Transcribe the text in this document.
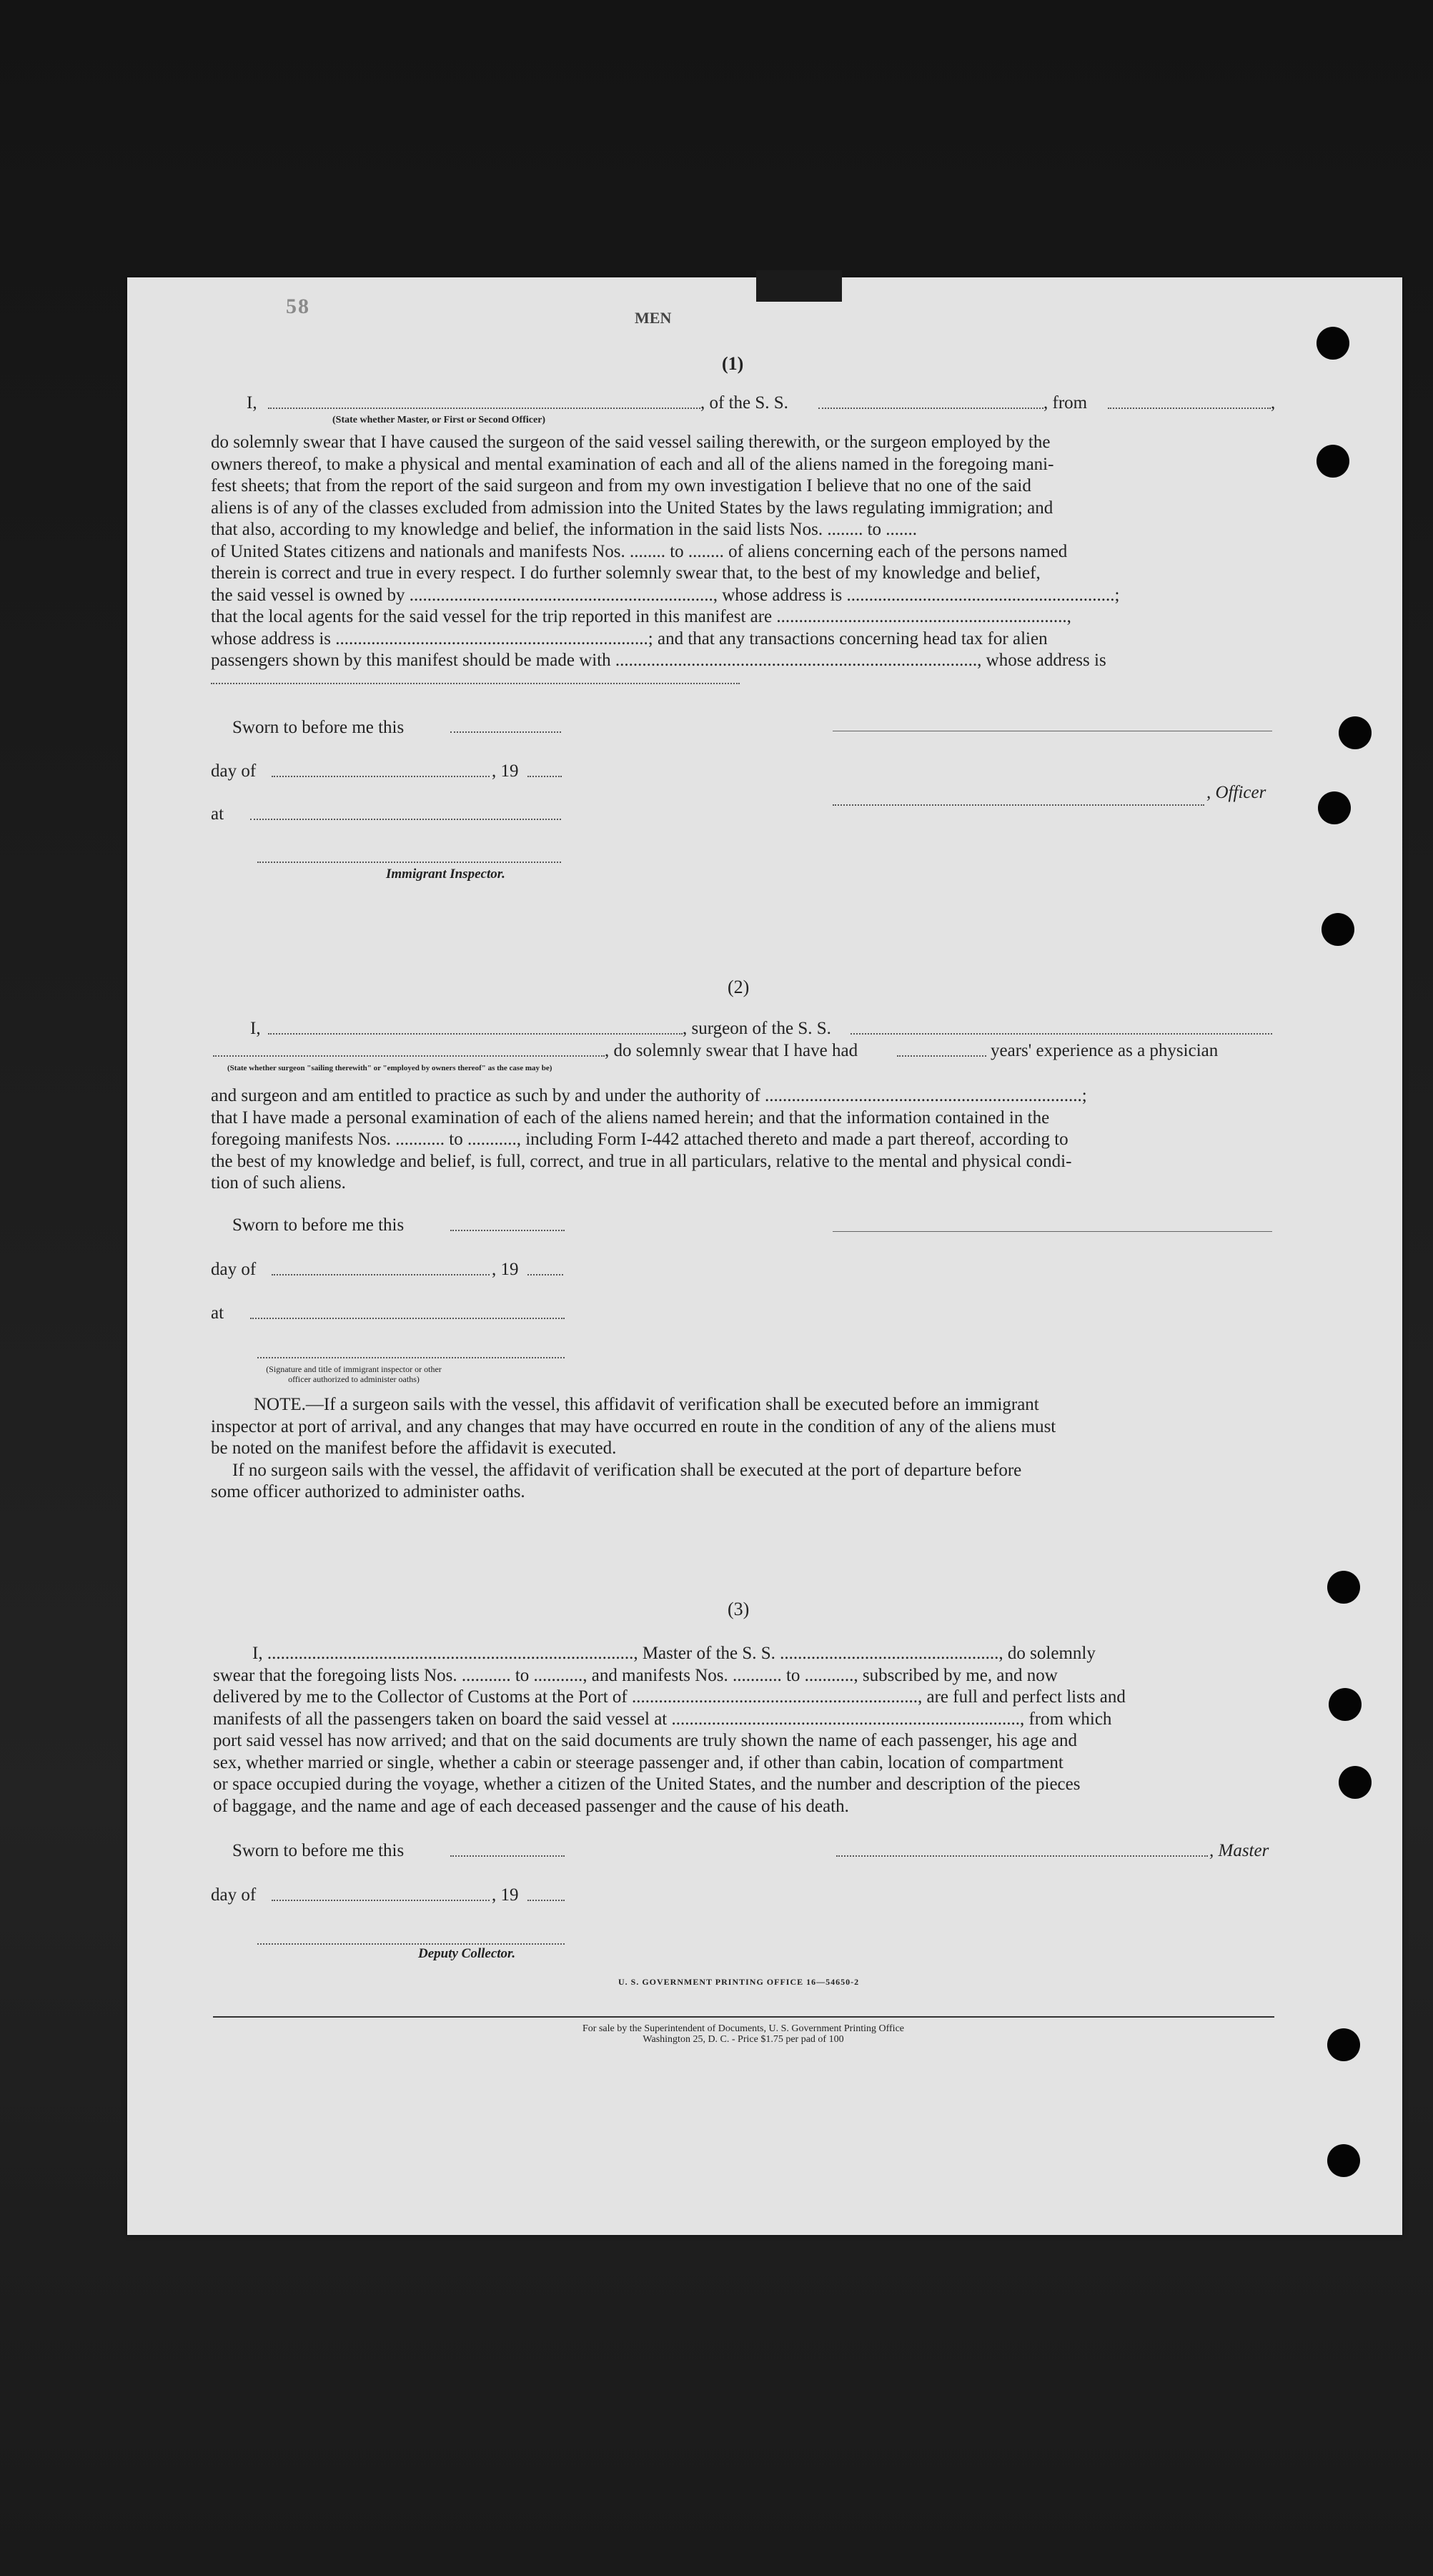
58	MEN
(1)
I,	, of the S. S.	, from	,
(State whether Master, or First or Second Officer)
do solemnly swear that I have caused the surgeon of the said vessel sailing therewith, or the surgeon employed by the
owners thereof, to make a physical and mental examination of each and all of the aliens named in the foregoing mani-
fest sheets; that from the report of the said surgeon and from my own investigation I believe that no one of the said
aliens is of any of the classes excluded from admission into the United States by the laws regulating immigration; and
that also, according to my knowledge and belief, the information in the said lists Nos. ........ to .......
of United States citizens and nationals and manifests Nos. ........ to ........ of aliens concerning each of the persons named
therein is correct and true in every respect. I do further solemnly swear that, to the best of my knowledge and belief,
the said vessel is owned by ...................................................................., whose address is ............................................................;
that the local agents for the said vessel for the trip reported in this manifest are .................................................................,
whose address is ......................................................................; and that any transactions concerning head tax for alien
passengers shown by this manifest should be made with ................................................................................., whose address is
Sworn to before me this
day of	, 19
, Officer
at
Immigrant Inspector.
(2)
I,	, surgeon of the S. S.
, do solemnly swear that I have had	years' experience as a physician
(State whether surgeon "sailing therewith" or "employed by owners thereof" as the case may be)
and surgeon and am entitled to practice as such by and under the authority of .......................................................................;
that I have made a personal examination of each of the aliens named herein; and that the information contained in the
foregoing manifests Nos. ........... to ..........., including Form I-442 attached thereto and made a part thereof, according to
the best of my knowledge and belief, is full, correct, and true in all particulars, relative to the mental and physical condi-
tion of such aliens.
Sworn to before me this
day of	, 19
at
(Signature and title of immigrant inspector or other officer authorized to administer oaths)
NOTE.—If a surgeon sails with the vessel, this affidavit of verification shall be executed before an immigrant
inspector at port of arrival, and any changes that may have occurred en route in the condition of any of the aliens must
be noted on the manifest before the affidavit is executed.
If no surgeon sails with the vessel, the affidavit of verification shall be executed at the port of departure before
some officer authorized to administer oaths.
(3)
I, .................................................................................., Master of the S. S. ................................................., do solemnly
swear that the foregoing lists Nos. ........... to ..........., and manifests Nos. ........... to ..........., subscribed by me, and now
delivered by me to the Collector of Customs at the Port of ................................................................, are full and perfect lists and
manifests of all the passengers taken on board the said vessel at .............................................................................., from which
port said vessel has now arrived; and that on the said documents are truly shown the name of each passenger, his age and
sex, whether married or single, whether a cabin or steerage passenger and, if other than cabin, location of compartment
or space occupied during the voyage, whether a citizen of the United States, and the number and description of the pieces
of baggage, and the name and age of each deceased passenger and the cause of his death.
Sworn to before me this	, Master
day of	, 19
Deputy Collector.
U. S. GOVERNMENT PRINTING OFFICE 16—54650-2
For sale by the Superintendent of Documents, U. S. Government Printing Office
Washington 25, D. C. - Price $1.75 per pad of 100
